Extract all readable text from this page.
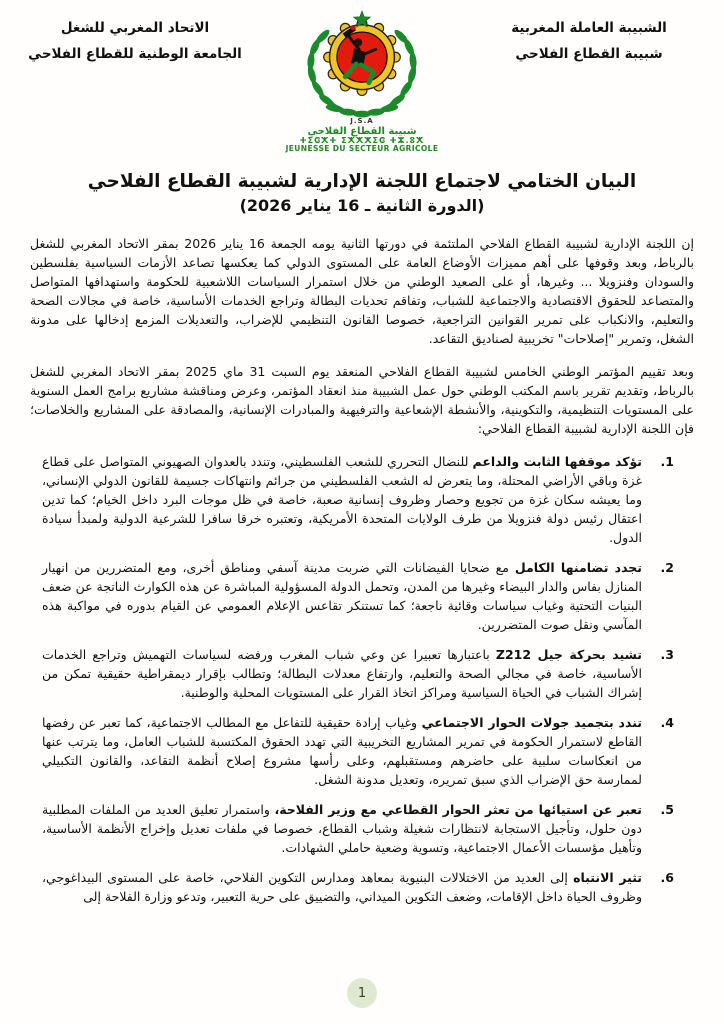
الشبيبة العاملة المغربية
شبيبة القطاع الفلاحي
J.S.A
شبيبة القطاع الفلاحي
ⵜⵉⵛⵅⵜ ⵉⵅⵅⵅⵉⵛ ⵜⵣ.ⵓⵅ
JEUNESSE DU SECTEUR AGRICOLE
الاتحاد المغربي للشغل
الجامعة الوطنية للقطاع الفلاحي
البيان الختامي لاجتماع اللجنة الإدارية لشبيبة القطاع الفلاحي
(الدورة الثانية ـ 16 يناير 2026)

إن اللجنة الإدارية لشبيبة القطاع الفلاحي الملتئمة في دورتها الثانية يومه الجمعة 16 يناير 2026 بمقر الاتحاد المغربي للشغل بالرباط، وبعد وقوفها على أهم مميزات الأوضاع العامة على المستوى الدولي كما يعكسها تصاعد الأزمات السياسية بفلسطين والسودان وفنزويلا ... وغيرها، أو على الصعيد الوطني من خلال استمرار السياسات اللاشعبية للحكومة واستهدافها المتواصل والمتصاعد للحقوق الاقتصادية والاجتماعية للشباب، وتفاقم تحديات البطالة وتراجع الخدمات الأساسية، خاصة في مجالات الصحة والتعليم، والانكباب على تمرير القوانين التراجعية، خصوصا القانون التنظيمي للإضراب، والتعديلات المزمع إدخالها على مدونة الشغل، وتمرير "إصلاحات" تخريبية لصناديق التقاعد.

وبعد تقييم المؤتمر الوطني الخامس لشبيبة القطاع الفلاحي المنعقد يوم السبت 31 ماي 2025 بمقر الاتحاد المغربي للشغل بالرباط، وتقديم تقرير باسم المكتب الوطني حول عمل الشبيبة منذ انعقاد المؤتمر، وعرض ومناقشة مشاريع برامج العمل السنوية على المستويات التنظيمية، والتكوينية، والأنشطة الإشعاعية والترفيهية والمبادرات الإنسانية، والمصادقة على المشاريع والخلاصات؛ فإن اللجنة الإدارية لشبيبة القطاع الفلاحي:

1.
تؤكد موقفها الثابت والداعم للنضال التحرري للشعب الفلسطيني، وتندد بالعدوان الصهيوني المتواصل على قطاع غزة وباقي الأراضي المحتلة، وما يتعرض له الشعب الفلسطيني من جرائم وانتهاكات جسيمة للقانون الدولي الإنساني، وما يعيشه سكان غزة من تجويع وحصار وظروف إنسانية صعبة، خاصة في ظل موجات البرد داخل الخيام؛ كما تدين اعتقال رئيس دولة فنزويلا من طرف الولايات المتحدة الأمريكية، وتعتبره خرقا سافرا للشرعية الدولية ولمبدأ سيادة الدول.
2.
تجدد تضامنها الكامل مع ضحايا الفيضانات التي ضربت مدينة آسفي ومناطق أخرى، ومع المتضررين من انهيار المنازل بفاس والدار البيضاء وغيرها من المدن، وتحمل الدولة المسؤولية المباشرة عن هذه الكوارث الناتجة عن ضعف البنيات التحتية وغياب سياسات وقائية ناجعة؛ كما تستنكر تقاعس الإعلام العمومي عن القيام بدوره في مواكبة هذه المآسي ونقل صوت المتضررين.
3.
تشيد بحركة جيل Z212 باعتبارها تعبيرا عن وعي شباب المغرب ورفضه لسياسات التهميش وتراجع الخدمات الأساسية، خاصة في مجالي الصحة والتعليم، وارتفاع معدلات البطالة؛ وتطالب بإقرار ديمقراطية حقيقية تمكن من إشراك الشباب في الحياة السياسية ومراكز اتخاذ القرار على المستويات المحلية والوطنية.
4.
تندد بتجميد جولات الحوار الاجتماعي وغياب إرادة حقيقية للتفاعل مع المطالب الاجتماعية، كما تعبر عن رفضها القاطع لاستمرار الحكومة في تمرير المشاريع التخريبية التي تهدد الحقوق المكتسبة للشباب العامل، وما يترتب عنها من انعكاسات سلبية على حاضرهم ومستقبلهم، وعلى رأسها مشروع إصلاح أنظمة التقاعد، والقانون التكبيلي لممارسة حق الإضراب الذي سبق تمريره، وتعديل مدونة الشغل.
5.
تعبر عن استيائها من تعثر الحوار القطاعي مع وزير الفلاحة، واستمرار تعليق العديد من الملفات المطلبية دون حلول، وتأجيل الاستجابة لانتظارات شغيلة وشباب القطاع، خصوصا في ملفات تعديل وإخراج الأنظمة الأساسية، وتأهيل مؤسسات الأعمال الاجتماعية، وتسوية وضعية حاملي الشهادات.
6.
تثير الانتباه إلى العديد من الاختلالات البنيوية بمعاهد ومدارس التكوين الفلاحي، خاصة على المستوى البيداغوجي، وظروف الحياة داخل الإقامات، وضعف التكوين الميداني، والتضييق على حرية التعبير، وتدعو وزارة الفلاحة إلى
1
